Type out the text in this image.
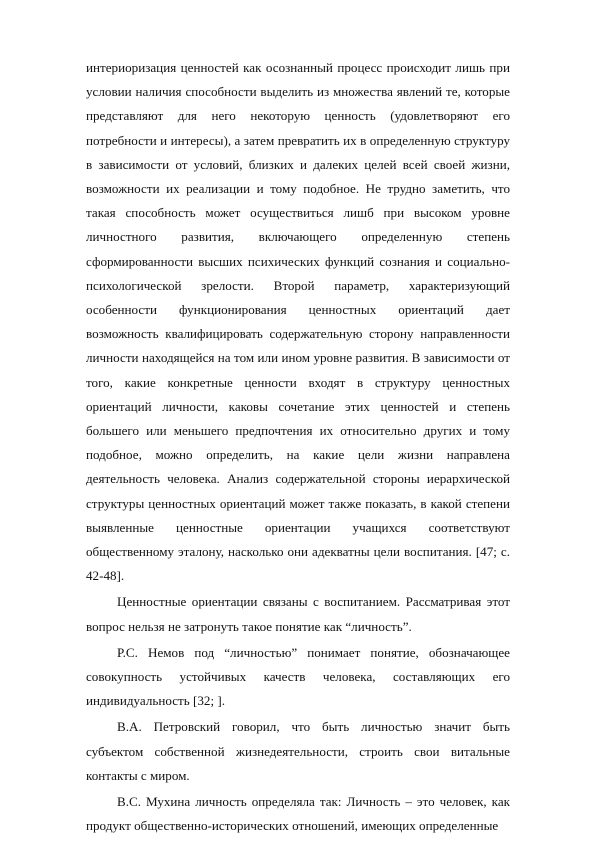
интериоризация ценностей как осознанный процесс происходит лишь при условии наличия способности выделить из множества явлений те, которые представляют для него некоторую ценность (удовлетворяют его потребности и интересы), а затем превратить их в определенную структуру в зависимости от условий, близких и далеких целей всей своей жизни, возможности их реализации и тому подобное. Не трудно заметить, что такая способность может осуществиться лишб при высоком уровне личностного развития, включающего определенную степень сформированности высших психических функций сознания и социально-психологической зрелости. Второй параметр, характеризующий особенности функционирования ценностных ориентаций дает возможность квалифицировать содержательную сторону направленности личности находящейся на том или ином уровне развития. В зависимости от того, какие конкретные ценности входят в структуру ценностных ориентаций личности, каковы сочетание этих ценностей и степень большего или меньшего предпочтения их относительно других и тому подобное, можно определить, на какие цели жизни направлена деятельность человека. Анализ содержательной стороны иерархической структуры ценностных ориентаций может также показать, в какой степени выявленные ценностные ориентации учащихся соответствуют общественному эталону, насколько они адекватны цели воспитания. [47; с. 42-48].

Ценностные ориентации связаны с воспитанием. Рассматривая этот вопрос нельзя не затронуть такое понятие как “личность”.

Р.С. Немов под “личностью” понимает понятие, обозначающее совокупность устойчивых качеств человека, составляющих его индивидуальность [32; ].

В.А. Петровский говорил, что быть личностью значит быть субъектом собственной жизнедеятельности, строить свои витальные контакты с миром.

В.С. Мухина личность определяла так: Личность – это человек, как продукт общественно-исторических отношений, имеющих определенные
